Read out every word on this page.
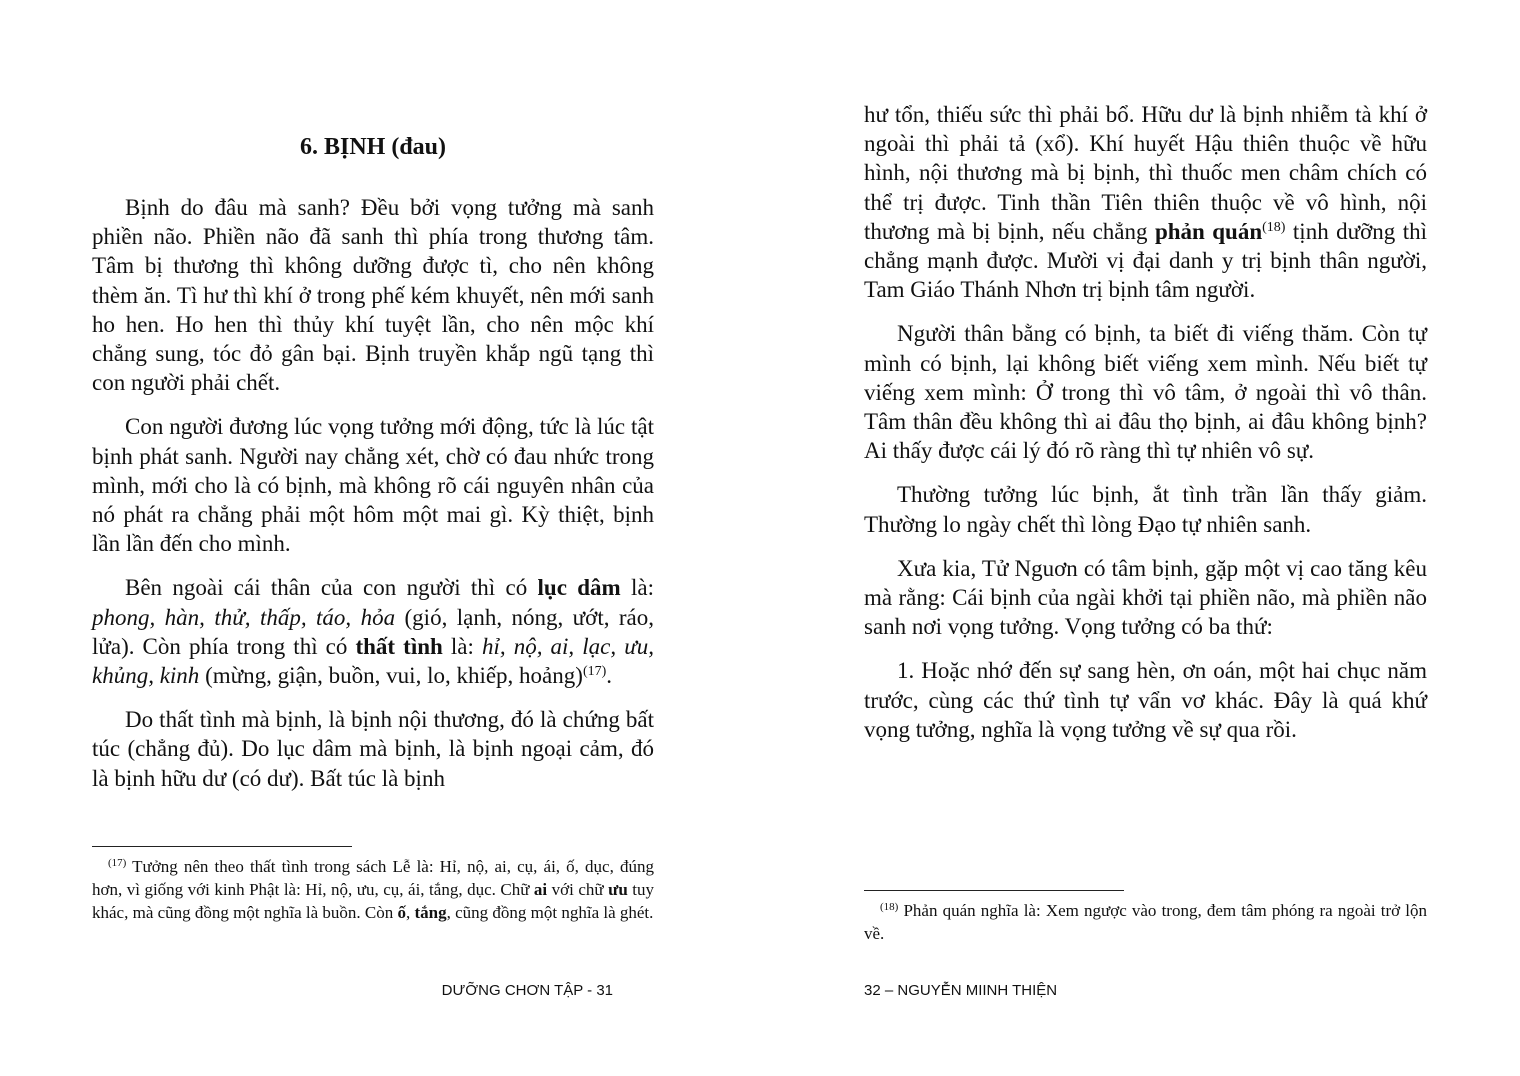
6. BỊNH (đau)

Bịnh do đâu mà sanh? Đều bởi vọng tưởng mà sanh phiền não. Phiền não đã sanh thì phía trong thương tâm. Tâm bị thương thì không dưỡng được tì, cho nên không thèm ăn. Tì hư thì khí ở trong phế kém khuyết, nên mới sanh ho hen. Ho hen thì thủy khí tuyệt lần, cho nên mộc khí chẳng sung, tóc đỏ gân bại. Bịnh truyền khắp ngũ tạng thì con người phải chết.

Con người đương lúc vọng tưởng mới động, tức là lúc tật bịnh phát sanh. Người nay chẳng xét, chờ có đau nhức trong mình, mới cho là có bịnh, mà không rõ cái nguyên nhân của nó phát ra chẳng phải một hôm một mai gì. Kỳ thiệt, bịnh lần lần đến cho mình.

Bên ngoài cái thân của con người thì có lục dâm là: phong, hàn, thử, thấp, táo, hỏa (gió, lạnh, nóng, ướt, ráo, lửa). Còn phía trong thì có thất tình là: hỉ, nộ, ai, lạc, ưu, khủng, kinh (mừng, giận, buồn, vui, lo, khiếp, hoảng)$^{(17)}$.

Do thất tình mà bịnh, là bịnh nội thương, đó là chứng bất túc (chẳng đủ). Do lục dâm mà bịnh, là bịnh ngoại cảm, đó là bịnh hữu dư (có dư). Bất túc là bịnh

$^{(17)}$ Tưởng nên theo thất tình trong sách Lễ là: Hỉ, nộ, ai, cụ, ái, ố, dục, đúng hơn, vì giống với kinh Phật là: Hỉ, nộ, ưu, cụ, ái, tắng, dục. Chữ ai với chữ ưu tuy khác, mà cũng đồng một nghĩa là buồn. Còn ố, tắng, cũng đồng một nghĩa là ghét.

DƯỠNG CHƠN TẬP - 31

hư tổn, thiếu sức thì phải bổ. Hữu dư là bịnh nhiễm tà khí ở ngoài thì phải tả (xổ). Khí huyết Hậu thiên thuộc về hữu hình, nội thương mà bị bịnh, thì thuốc men châm chích có thể trị được. Tinh thần Tiên thiên thuộc về vô hình, nội thương mà bị bịnh, nếu chẳng phản quán$^{(18)}$ tịnh dưỡng thì chẳng mạnh được. Mười vị đại danh y trị bịnh thân người, Tam Giáo Thánh Nhơn trị bịnh tâm người.

Người thân bằng có bịnh, ta biết đi viếng thăm. Còn tự mình có bịnh, lại không biết viếng xem mình. Nếu biết tự viếng xem mình: Ở trong thì vô tâm, ở ngoài thì vô thân. Tâm thân đều không thì ai đâu thọ bịnh, ai đâu không bịnh? Ai thấy được cái lý đó rõ ràng thì tự nhiên vô sự.

Thường tưởng lúc bịnh, ắt tình trần lần thấy giảm. Thường lo ngày chết thì lòng Đạo tự nhiên sanh.

Xưa kia, Tử Nguơn có tâm bịnh, gặp một vị cao tăng kêu mà rằng: Cái bịnh của ngài khởi tại phiền não, mà phiền não sanh nơi vọng tưởng. Vọng tưởng có ba thứ:

1. Hoặc nhớ đến sự sang hèn, ơn oán, một hai chục năm trước, cùng các thứ tình tự vẩn vơ khác. Đây là quá khứ vọng tưởng, nghĩa là vọng tưởng về sự qua rồi.

$^{(18)}$ Phản quán nghĩa là: Xem ngược vào trong, đem tâm phóng ra ngoài trở lộn về.

32 – NGUYỄN MIINH THIỆN
